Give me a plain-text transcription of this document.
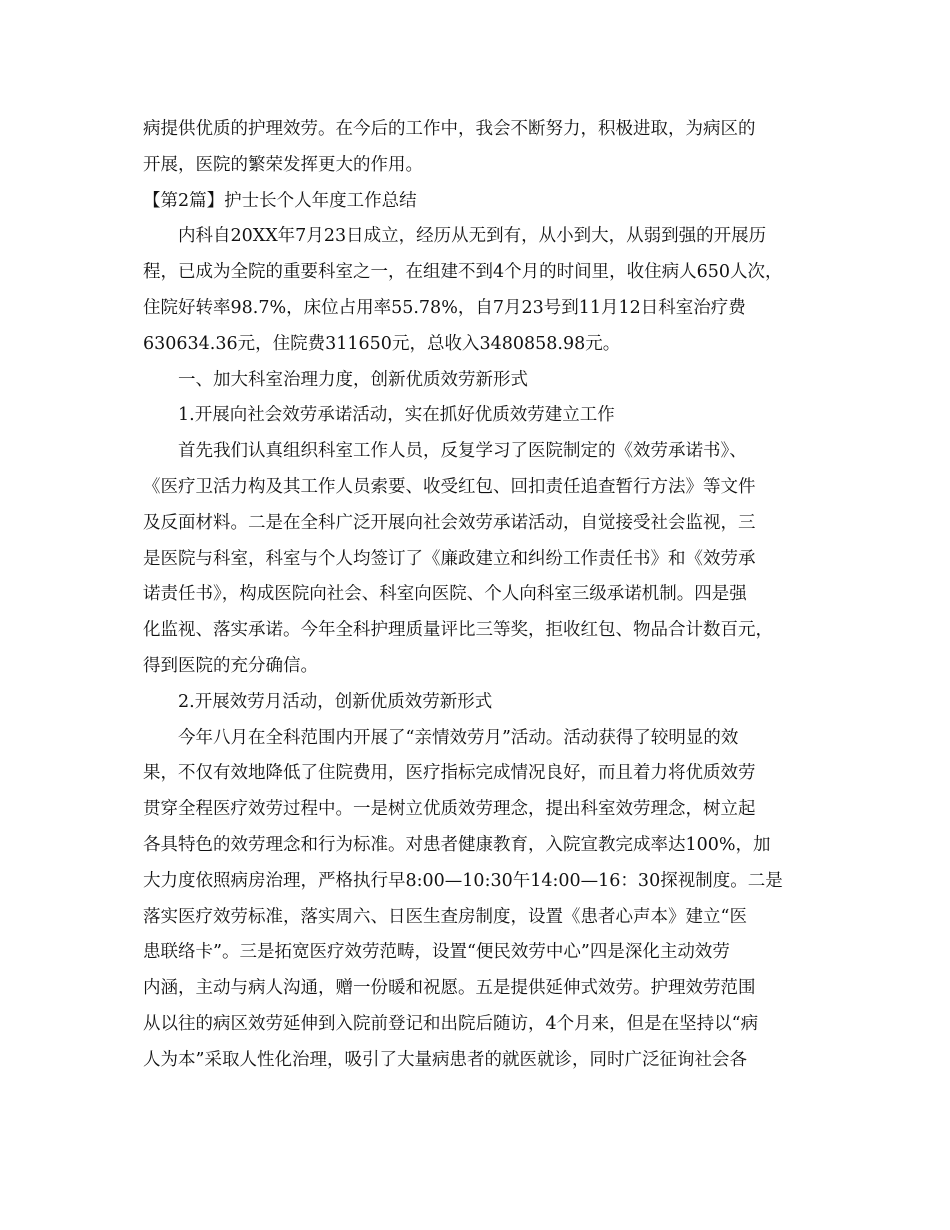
病提供优质的护理效劳。在今后的工作中，我会不断努力，积极进取，为病区的
开展，医院的繁荣发挥更大的作用。
【第2篇】护士长个人年度工作总结
内科自20XX年7月23日成立，经历从无到有，从小到大，从弱到强的开展历
程，已成为全院的重要科室之一，在组建不到4个月的时间里，收住病人650人次，
住院好转率98.7%，床位占用率55.78%，自7月23号到11月12日科室治疗费
630634.36元，住院费311650元，总收入3480858.98元。
一、加大科室治理力度，创新优质效劳新形式
1.开展向社会效劳承诺活动，实在抓好优质效劳建立工作
首先我们认真组织科室工作人员，反复学习了医院制定的《效劳承诺书》、
《医疗卫活力构及其工作人员索要、收受红包、回扣责任追查暂行方法》等文件
及反面材料。二是在全科广泛开展向社会效劳承诺活动，自觉接受社会监视，三
是医院与科室，科室与个人均签订了《廉政建立和纠纷工作责任书》和《效劳承
诺责任书》，构成医院向社会、科室向医院、个人向科室三级承诺机制。四是强
化监视、落实承诺。今年全科护理质量评比三等奖，拒收红包、物品合计数百元，
得到医院的充分确信。
2.开展效劳月活动，创新优质效劳新形式
今年八月在全科范围内开展了“亲情效劳月”活动。活动获得了较明显的效
果，不仅有效地降低了住院费用，医疗指标完成情况良好，而且着力将优质效劳
贯穿全程医疗效劳过程中。一是树立优质效劳理念，提出科室效劳理念，树立起
各具特色的效劳理念和行为标准。对患者健康教育，入院宣教完成率达100%，加
大力度依照病房治理，严格执行早8:00—10:30午14:00—16：30探视制度。二是
落实医疗效劳标准，落实周六、日医生查房制度，设置《患者心声本》建立“医
患联络卡”。三是拓宽医疗效劳范畴，设置“便民效劳中心”四是深化主动效劳
内涵，主动与病人沟通，赠一份暖和祝愿。五是提供延伸式效劳。护理效劳范围
从以往的病区效劳延伸到入院前登记和出院后随访，4个月来，但是在坚持以“病
人为本”采取人性化治理，吸引了大量病患者的就医就诊，同时广泛征询社会各
